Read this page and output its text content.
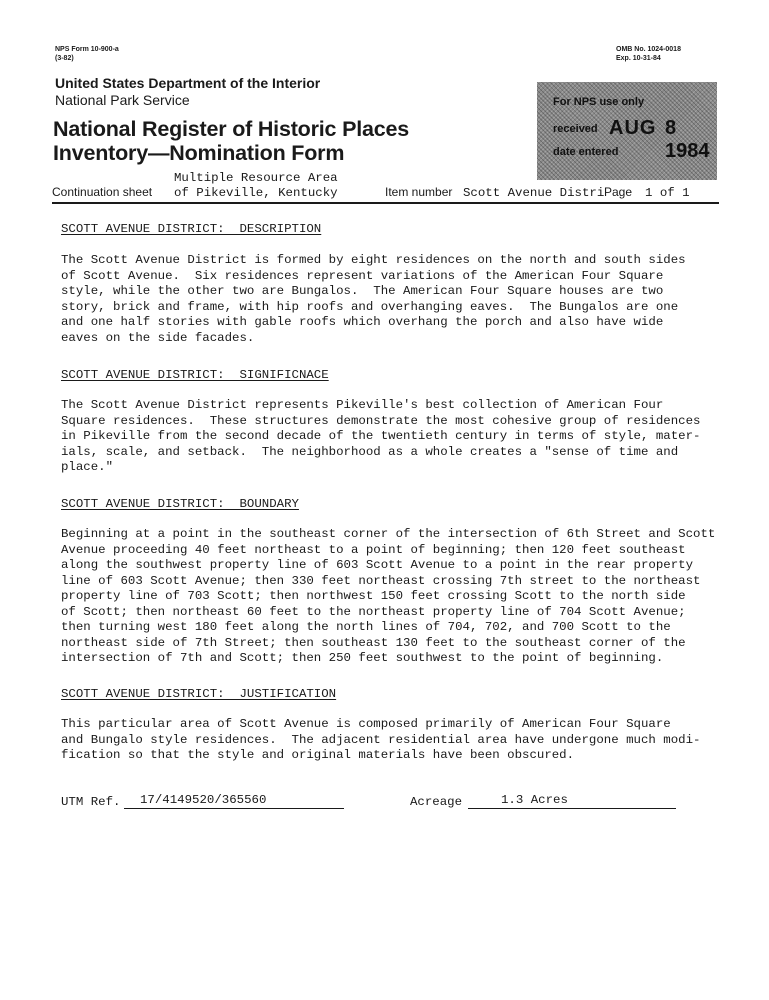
NPS Form 10-900-a
(3-82)
OMB No. 1024-0018
Exp. 10-31-84
United States Department of the Interior
National Park Service
National Register of Historic Places
Inventory—Nomination Form
For NPS use only
received AUG 8 1984
date entered
Continuation sheet
Multiple Resource Area
of Pikeville, Kentucky	Item number Scott Avenue Distri Page 1 of 1
SCOTT AVENUE DISTRICT:  DESCRIPTION
The Scott Avenue District is formed by eight residences on the north and south sides
of Scott Avenue.  Six residences represent variations of the American Four Square
style, while the other two are Bungalos.  The American Four Square houses are two
story, brick and frame, with hip roofs and overhanging eaves.  The Bungalos are one
and one half stories with gable roofs which overhang the porch and also have wide
eaves on the side facades.
SCOTT AVENUE DISTRICT:  SIGNIFICNACE
The Scott Avenue District represents Pikeville's best collection of American Four
Square residences.  These structures demonstrate the most cohesive group of residences
in Pikeville from the second decade of the twentieth century in terms of style, mater-
ials, scale, and setback.  The neighborhood as a whole creates a "sense of time and
place."
SCOTT AVENUE DISTRICT:  BOUNDARY
Beginning at a point in the southeast corner of the intersection of 6th Street and Scott
Avenue proceeding 40 feet northeast to a point of beginning; then 120 feet southeast
along the southwest property line of 603 Scott Avenue to a point in the rear property
line of 603 Scott Avenue; then 330 feet northeast crossing 7th street to the northeast
property line of 703 Scott; then northwest 150 feet crossing Scott to the north side
of Scott; then northeast 60 feet to the northeast property line of 704 Scott Avenue;
then turning west 180 feet along the north lines of 704, 702, and 700 Scott to the
northeast side of 7th Street; then southeast 130 feet to the southeast corner of the
intersection of 7th and Scott; then 250 feet southwest to the point of beginning.
SCOTT AVENUE DISTRICT:  JUSTIFICATION
This particular area of Scott Avenue is composed primarily of American Four Square
and Bungalo style residences.  The adjacent residential area have undergone much modi-
fication so that the style and original materials have been obscured.
UTM Ref. 17/4149520/365560	Acreage	1.3 Acres
